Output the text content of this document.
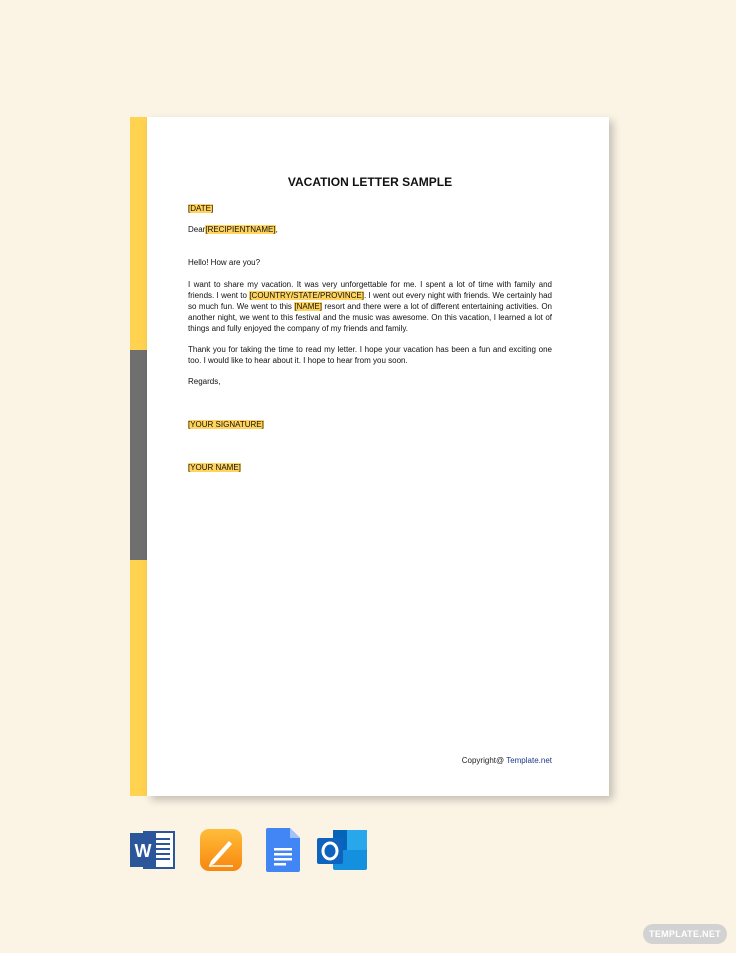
VACATION LETTER SAMPLE
[DATE]
Dear[RECIPIENTNAME],
Hello! How are you?
I want to share my vacation. It was very unforgettable for me. I spent a lot of time with family and friends. I went to [COUNTRY/STATE/PROVINCE]. I went out every night with friends. We certainly had so much fun. We went to this [NAME] resort and there were a lot of different entertaining activities. On another night, we went to this festival and the music was awesome. On this vacation, I learned a lot of things and fully enjoyed the company of my friends and family.
Thank you for taking the time to read my letter. I hope your vacation has been a fun and exciting one too. I would like to hear about it. I hope to hear from you soon.
Regards,
[YOUR SIGNATURE]
[YOUR NAME]
Copyright@ Template.net
W
TEMPLATE.NET
